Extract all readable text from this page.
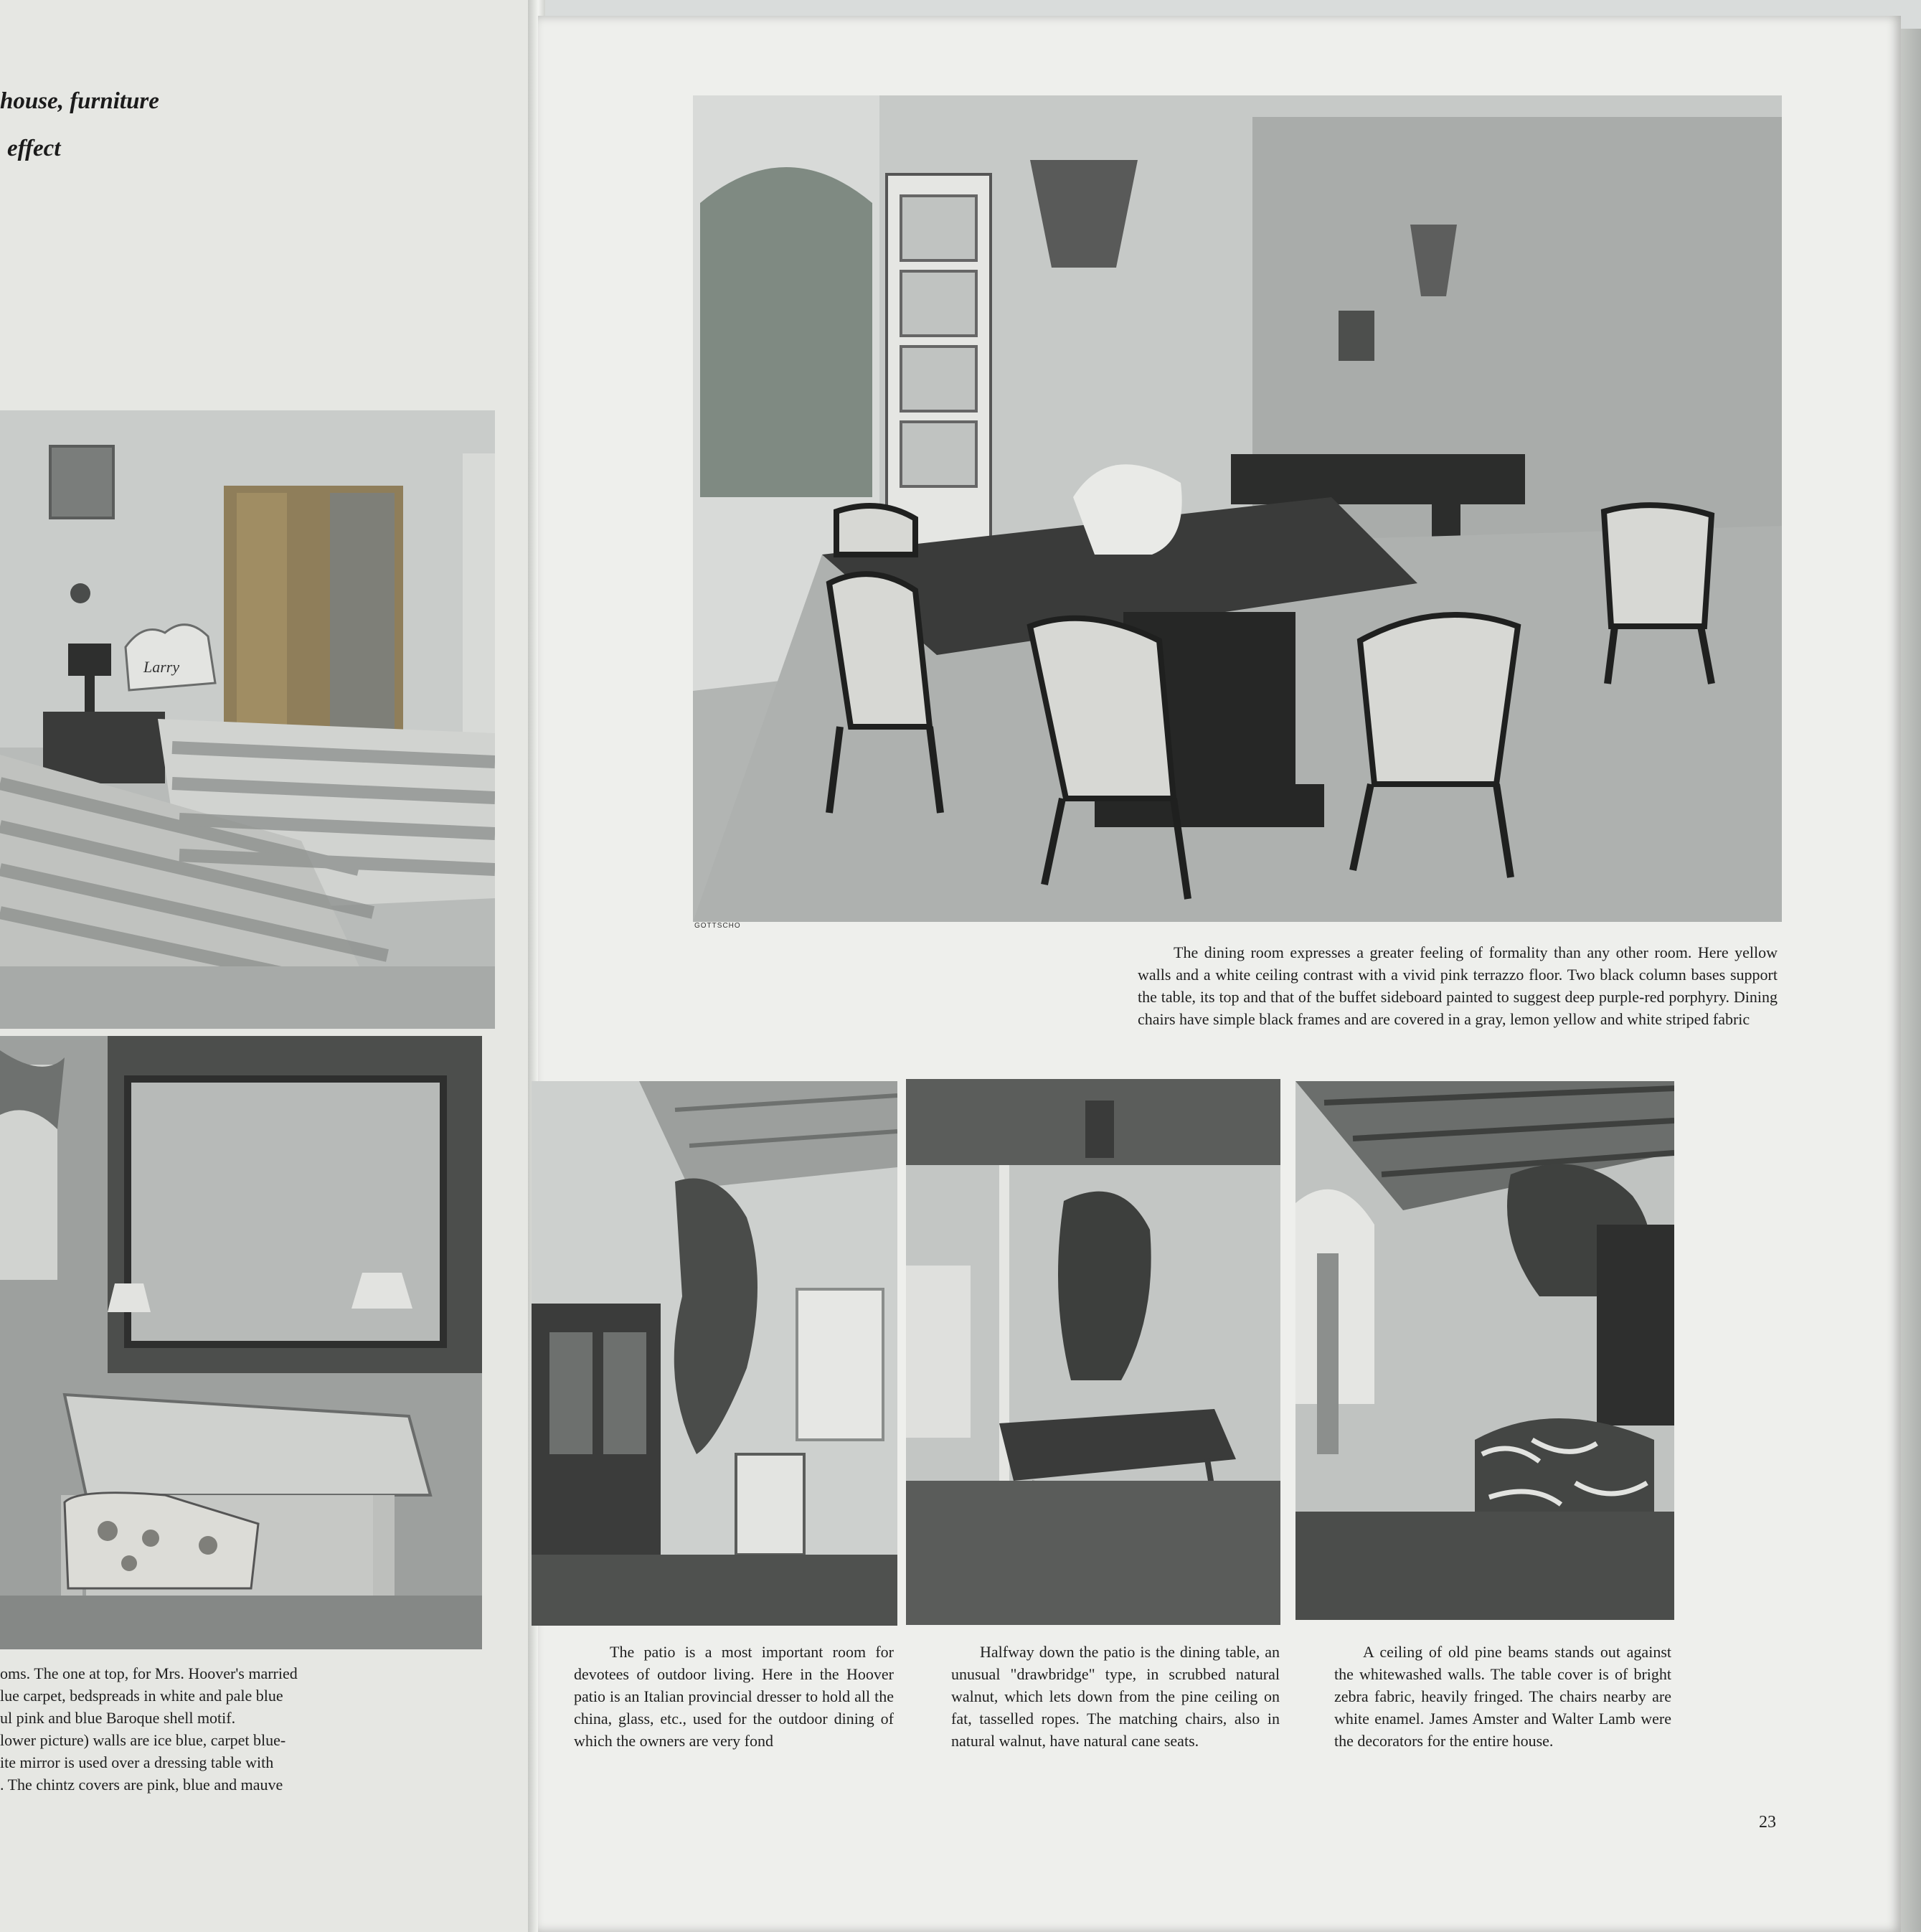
house, furniture
effect
Larry
oms. The one at top, for Mrs. Hoover's married
lue carpet, bedspreads in white and pale blue
ul pink and blue Baroque shell motif.
lower picture) walls are ice blue, carpet blue-
ite mirror is used over a dressing table with
. The chintz covers are pink, blue and mauve
GOTTSCHO

The dining room expresses a greater feeling of formality than any other room. Here yellow walls and a white ceiling contrast with a vivid pink terrazzo floor. Two black column bases support the table, its top and that of the buffet sideboard painted to suggest deep purple-red porphyry. Dining chairs have simple black frames and are covered in a gray, lemon yellow and white striped fabric

The patio is a most important room for devotees of outdoor living. Here in the Hoover patio is an Italian provincial dresser to hold all the china, glass, etc., used for the outdoor dining of which the owners are very fond

Halfway down the patio is the dining table, an unusual "drawbridge" type, in scrubbed natural walnut, which lets down from the pine ceiling on fat, tasselled ropes. The matching chairs, also in natural walnut, have natural cane seats.

A ceiling of old pine beams stands out against the whitewashed walls. The table cover is of bright zebra fabric, heavily fringed. The chairs nearby are white enamel. James Amster and Walter Lamb were the decorators for the entire house.

23
